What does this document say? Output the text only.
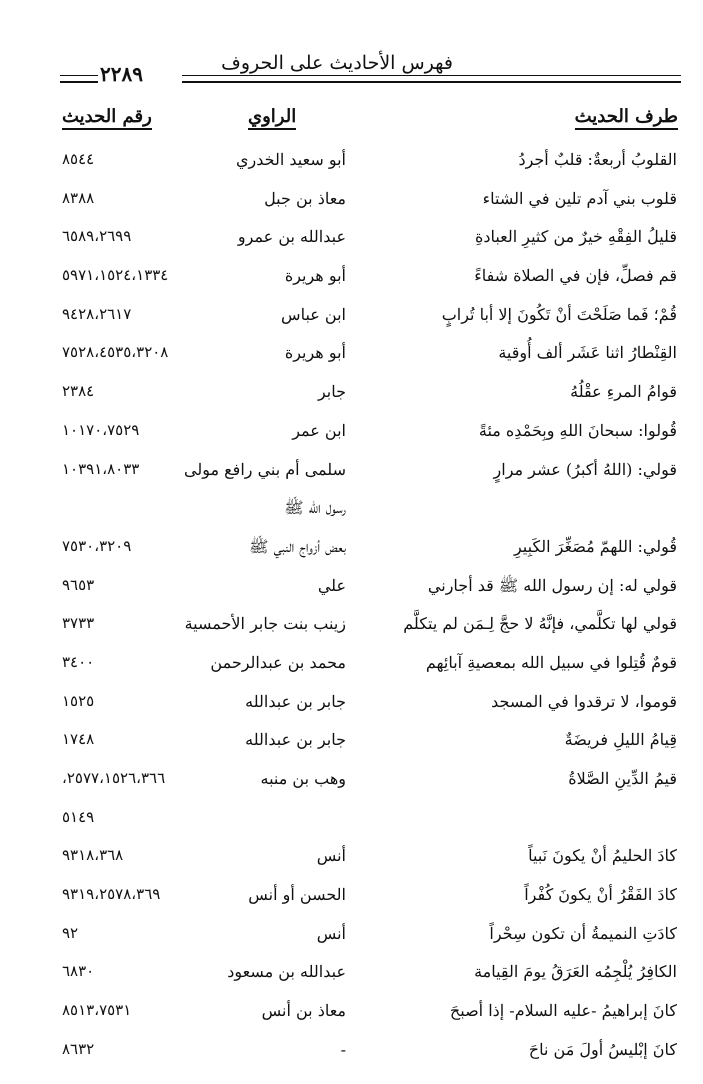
فهرس الأحاديث على الحروف
٢٢٨٩
طرف الحديث
الراوي
رقم الحديث
القلوبُ أربعةٌ: قلبٌ أجردُ
أبو سعيد الخدري
٨٥٤٤
قلوب بني آدم تلين في الشتاء
معاذ بن جبل
٨٣٨٨
قليلُ الفِقْهِ خيرٌ من كثيرِ العبادةِ
عبدالله بن عمرو
٦٥٨٩،٢٦٩٩
قم فصلِّ، فإن في الصلاة شفاءً
أبو هريرة
٥٩٧١،١٥٢٤،١٣٣٤
قُمْ؛ فَما صَلَحْتَ أنْ تَكُونَ إلا أبا تُرابٍ
ابن عباس
٩٤٢٨،٢٦١٧
القِنْطارُ اثنا عَشَر ألف أُوقية
أبو هريرة
٧٥٢٨،٤٥٣٥،٣٢٠٨
قوامُ المرءِ عقْلُهُ
جابر
٢٣٨٤
قُولوا: سبحانَ اللهِ وبِحَمْدِه مئةً
ابن عمر
١٠١٧٠،٧٥٢٩
قولي: (اللهُ أكبرُ) عشر مرارٍ
سلمى أم بني رافع مولى
١٠٣٩١،٨٠٣٣
رسول الله ﷺ
قُولي: اللهمّ مُصَغِّرَ الكَبِيرِ
بعض أزواج النبي ﷺ
٧٥٣٠،٣٢٠٩
قولي له: إن رسول الله ﷺ قد أجارني
علي
٩٦٥٣
قولي لها تكلَّمي، فإنَّهُ لا حجَّ لِـمَن لم يتكلَّم
زينب بنت جابر الأحمسية
٣٧٣٣
قومٌ قُتِلوا في سبيل الله بمعصيةِ آبائِهم
محمد بن عبدالرحمن
٣٤٠٠
قوموا، لا ترقدوا في المسجد
جابر بن عبدالله
١٥٢٥
قِيامُ الليلِ فريضَةٌ
جابر بن عبدالله
١٧٤٨
قيمُ الدِّينِ الصَّلاةُ
وهب بن منبه
٢٥٧٧،١٥٢٦،٣٦٦،
٥١٤٩
كادَ الحليمُ أنْ يكونَ نَبياً
أنس
٩٣١٨،٣٦٨
كادَ الفَقْرُ أنْ يكونَ كُفْراً
الحسن أو أنس
٩٣١٩،٢٥٧٨،٣٦٩
كادَتِ النميمةُ أن تكون سِحْراً
أنس
٩٢
الكافِرُ يُلْجِمُه العَرَقُ يومَ القِيامة
عبدالله بن مسعود
٦٨٣٠
كانَ إبراهيمُ -عليه السلام- إذا أصبحَ
معاذ بن أنس
٨٥١٣،٧٥٣١
كانَ إبْليسُ أولَ مَن ناحَ
-
٨٦٣٢
